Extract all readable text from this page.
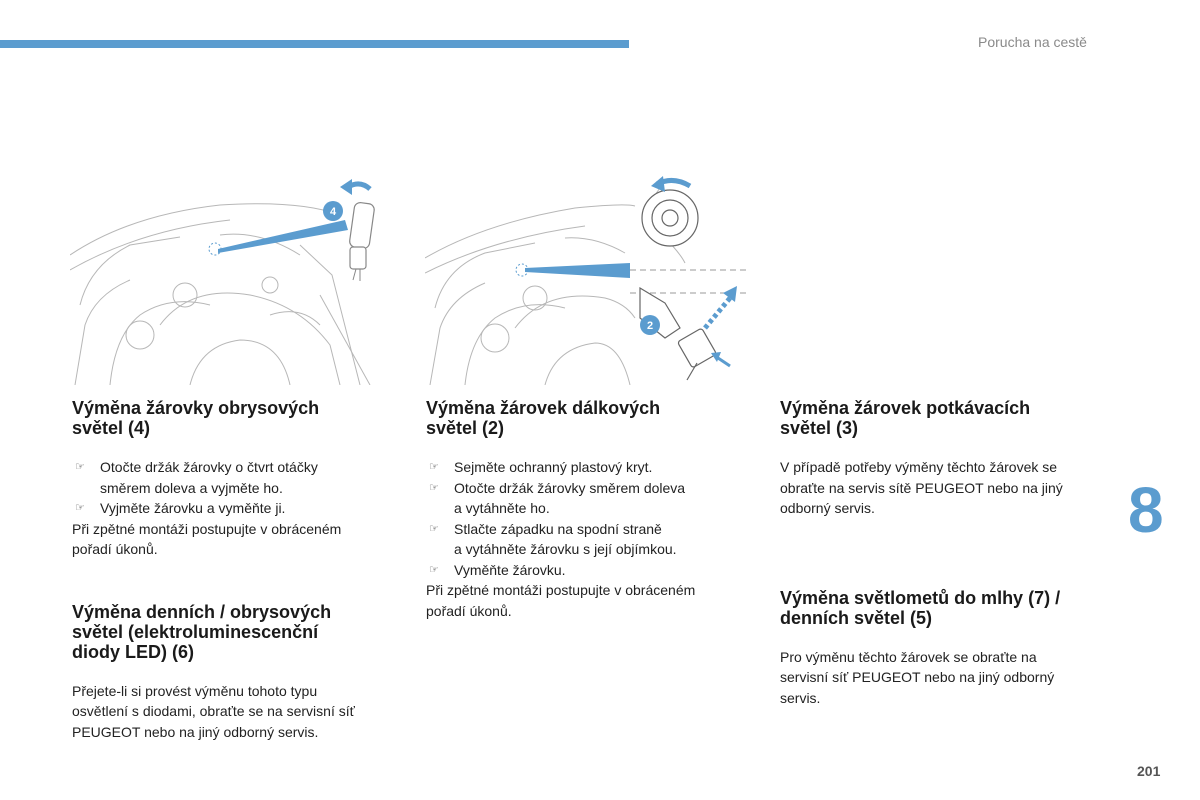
Porucha na cestě
4
2
Výměna žárovky obrysových
světel (4)
☞ Otočte držák žárovky o čtvrt otáčky
směrem doleva a vyjměte ho.
☞ Vyjměte žárovku a vyměňte ji.

Při zpětné montáži postupujte v obráceném
pořadí úkonů.

Výměna denních / obrysových
světel (elektroluminescenční
diody LED) (6)

Přejete-li si provést výměnu tohoto typu
osvětlení s diodami, obraťte se na servisní síť
PEUGEOT nebo na jiný odborný servis.

Výměna žárovek dálkových
světel (2)
☞ Sejměte ochranný plastový kryt.
☞ Otočte držák žárovky směrem doleva
a vytáhněte ho.
☞ Stlačte západku na spodní straně
a vytáhněte žárovku s její objímkou.
☞ Vyměňte žárovku.

Při zpětné montáži postupujte v obráceném
pořadí úkonů.

Výměna žárovek potkávacích
světel (3)

V případě potřeby výměny těchto žárovek se
obraťte na servis sítě PEUGEOT nebo na jiný
odborný servis.

Výměna světlometů do mlhy (7) /
denních světel (5)

Pro výměnu těchto žárovek se obraťte na
servisní síť PEUGEOT nebo na jiný odborný
servis.

8
201
